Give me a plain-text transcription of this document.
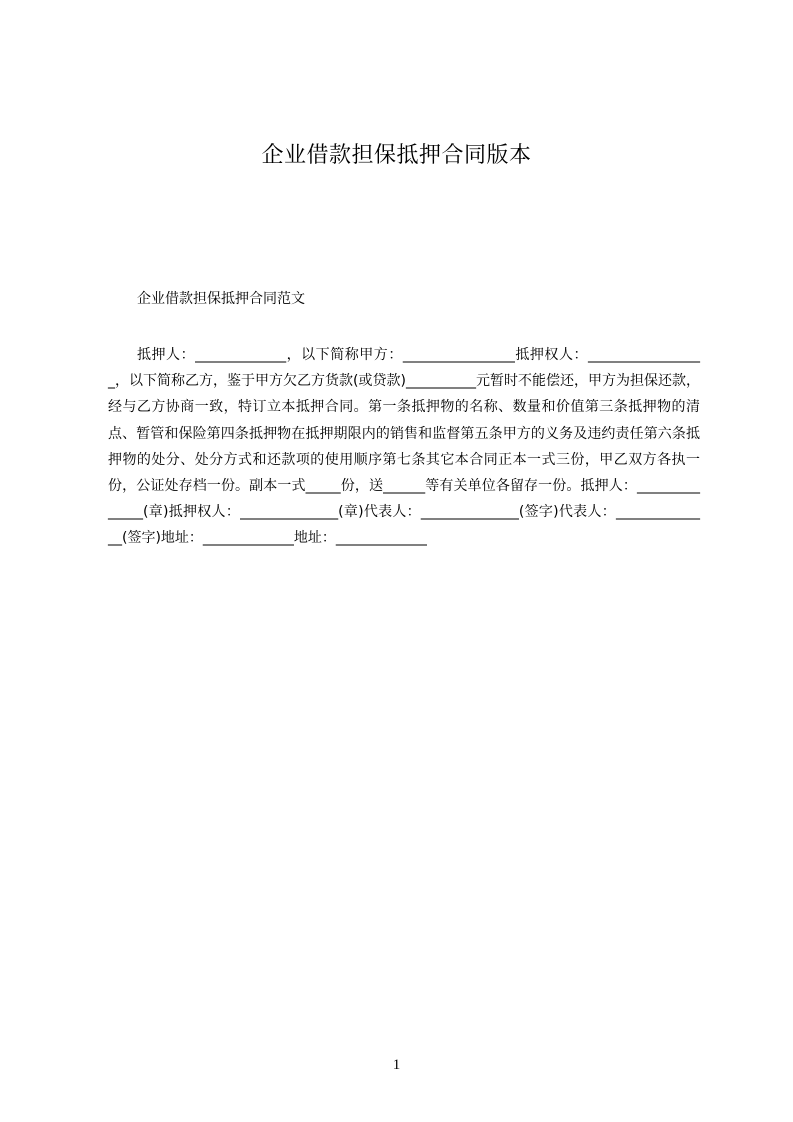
企业借款担保抵押合同版本
企业借款担保抵押合同范文
抵押人：_____________，以下简称甲方：________________抵押权人：_________________，以下简称乙方，鉴于甲方欠乙方货款(或贷款)__________元暂时不能偿还，甲方为担保还款，经与乙方协商一致，特订立本抵押合同。第一条抵押物的名称、数量和价值第三条抵押物的清点、暂管和保险第四条抵押物在抵押期限内的销售和监督第五条甲方的义务及违约责任第六条抵押物的处分、处分方式和还款项的使用顺序第七条其它本合同正本一式三份，甲乙双方各执一份，公证处存档一份。副本一式_____份，送______等有关单位各留存一份。抵押人：______________(章)抵押权人：______________(章)代表人：______________(签字)代表人：______________(签字)地址：_____________地址：_____________
1
